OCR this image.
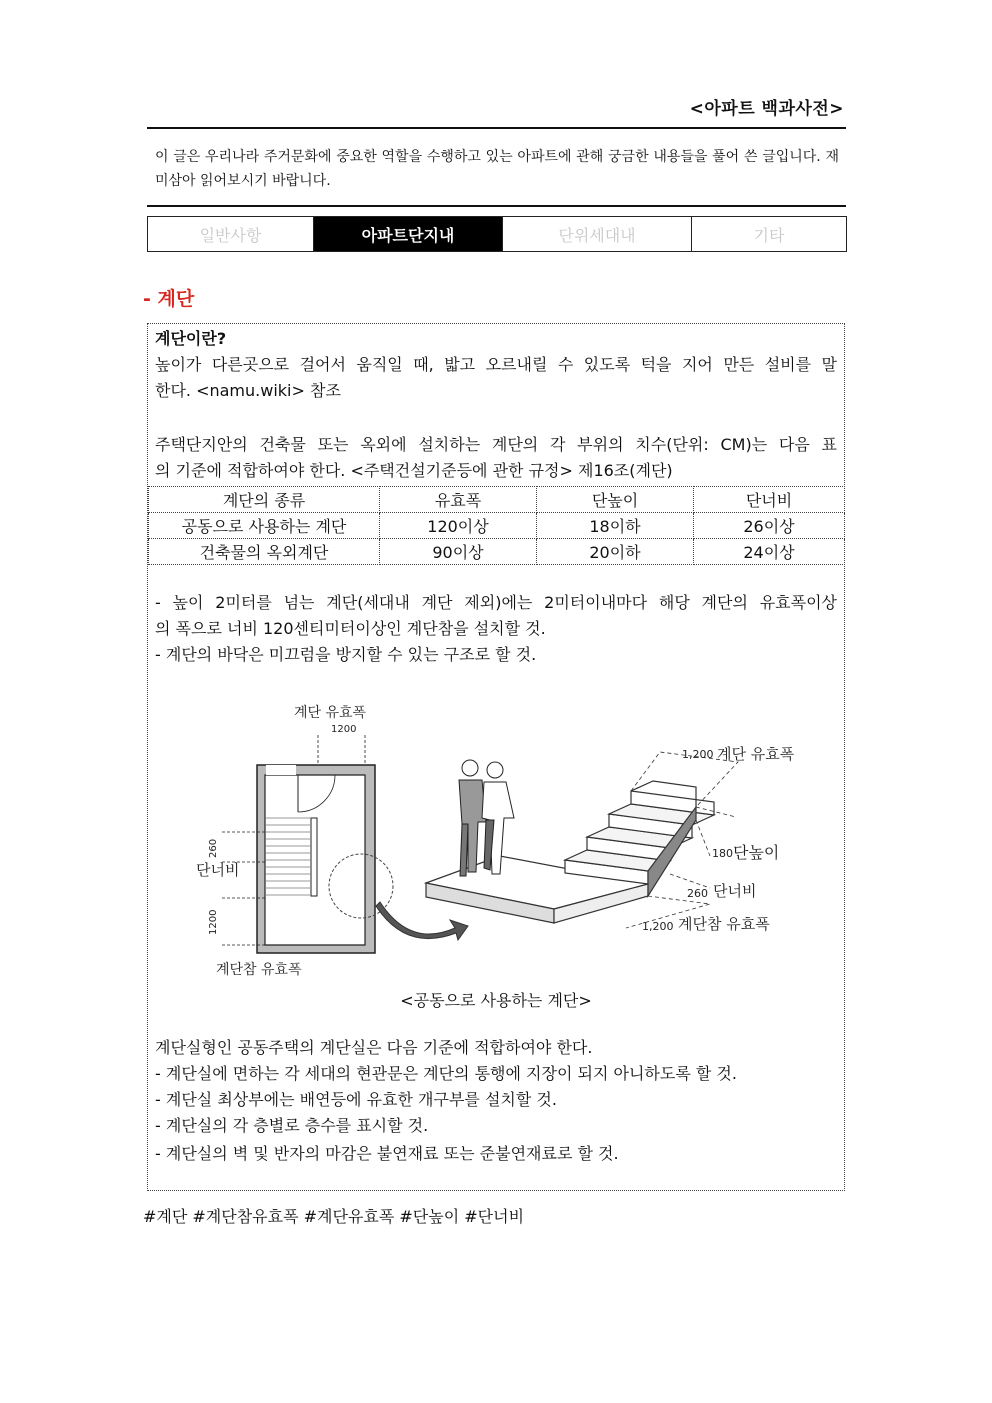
<아파트 백과사전>
이 글은 우리나라 주거문화에 중요한 역할을 수행하고 있는 아파트에 관해 궁금한 내용들을 풀어 쓴 글입니다. 재미삼아 읽어보시기 바랍니다.
일반사항	아파트단지내	단위세대내	기타
- 계단
계단이란?
높이가 다른곳으로 걸어서 움직일 때, 밟고 오르내릴 수 있도록 턱을 지어 만든 설비를 말
한다. <namu.wiki> 참조
주택단지안의 건축물 또는 옥외에 설치하는 계단의 각 부위의 치수(단위: CM)는 다음 표
의 기준에 적합하여야 한다. <주택건설기준등에 관한 규정> 제16조(계단)
계단의 종류	유효폭	단높이	단너비
공동으로 사용하는 계단	120이상	18이하	26이상
건축물의 옥외계단	90이상	20이하	24이상
- 높이 2미터를 넘는 계단(세대내 계단 제외)에는 2미터이내마다 해당 계단의 유효폭이상
의 폭으로 너비 120센티미터이상인 계단참을 설치할 것.
- 계단의 바닥은 미끄럼을 방지할 수 있는 구조로 할 것.
계단 유효폭
1200
260
단너비
1200
계단참 유효폭
1,200 계단 유효폭
180 단높이
260 단너비
1,200 계단참 유효폭
<공동으로 사용하는 계단>
계단실형인 공동주택의 계단실은 다음 기준에 적합하여야 한다.
- 계단실에 면하는 각 세대의 현관문은 계단의 통행에 지장이 되지 아니하도록 할 것.
- 계단실 최상부에는 배연등에 유효한 개구부를 설치할 것.
- 계단실의 각 층별로 층수를 표시할 것.
- 계단실의 벽 및 반자의 마감은 불연재료 또는 준불연재료로 할 것.
#계단 #계단참유효폭 #계단유효폭 #단높이 #단너비
